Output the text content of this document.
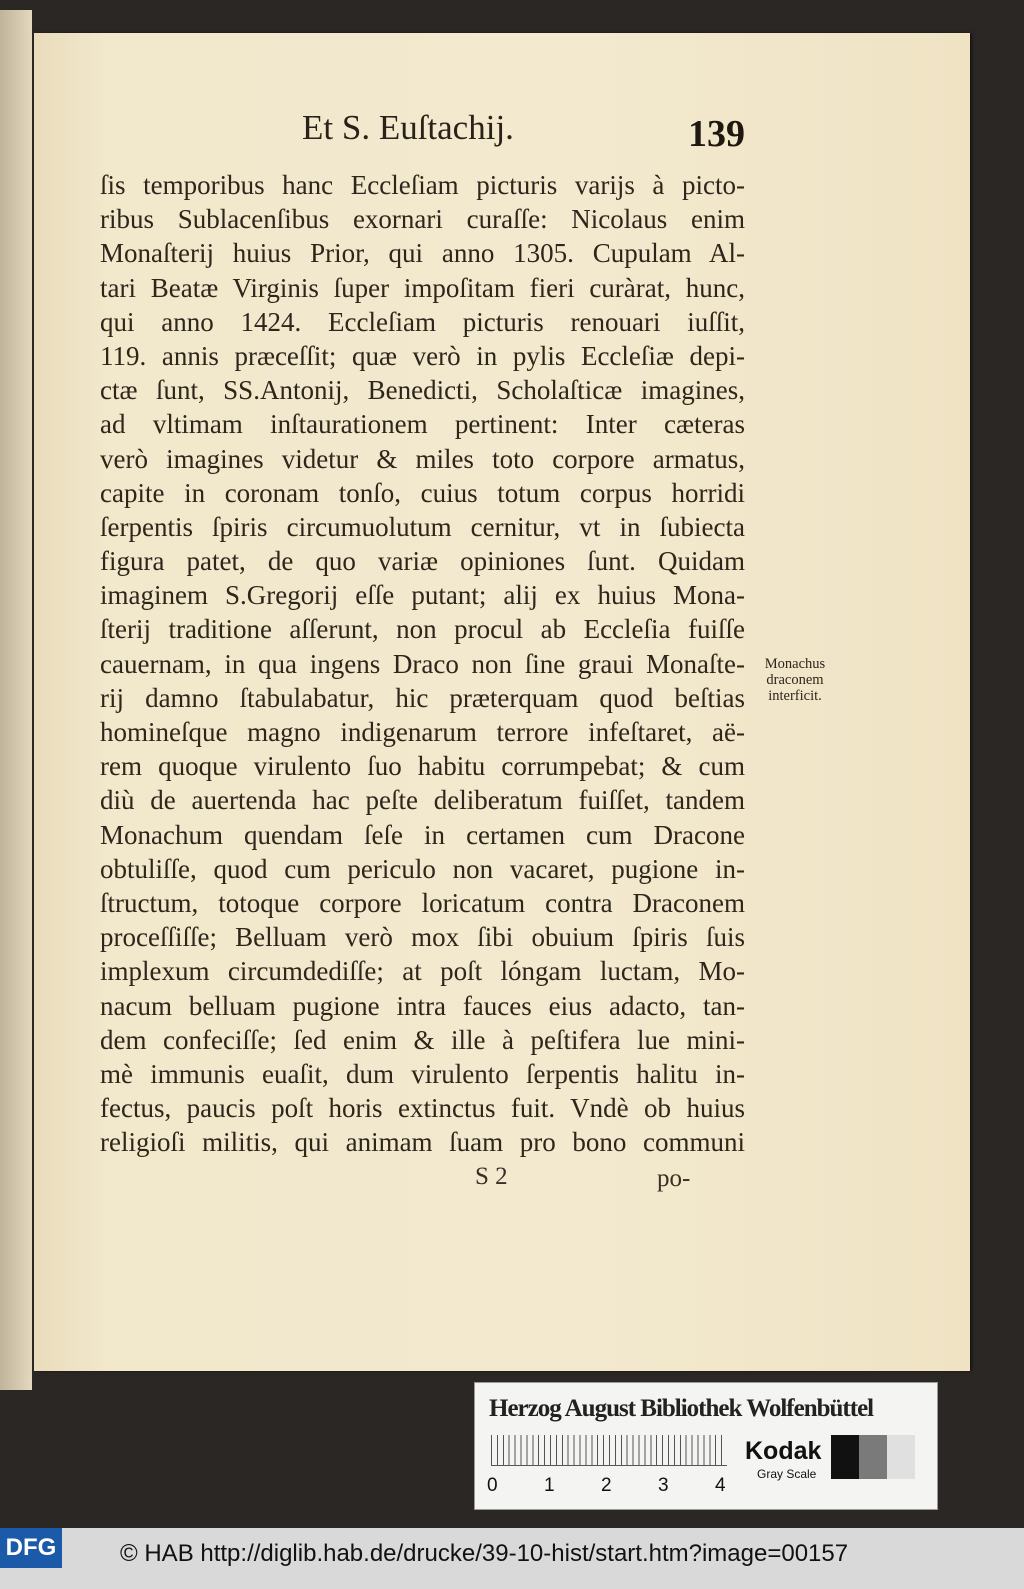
Et S. Euſtachij.	139
ſis temporibus hanc Eccleſiam picturis varijs à picto-
ribus Sublacenſibus exornari curaſſe: Nicolaus enim
Monaſterij huius Prior, qui anno 1305. Cupulam Al-
tari Beatæ Virginis ſuper impoſitam fieri curàrat, hunc,
qui anno 1424. Eccleſiam picturis renouari iuſſit,
119. annis præceſſit; quæ verò in pylis Eccleſiæ depi-
ctæ ſunt, SS.Antonij, Benedicti, Scholaſticæ imagines,
ad vltimam inſtaurationem pertinent: Inter cæteras
verò imagines videtur & miles toto corpore armatus,
capite in coronam tonſo, cuius totum corpus horridi
ſerpentis ſpiris circumuolutum cernitur, vt in ſubiecta
figura patet, de quo variæ opiniones ſunt. Quidam
imaginem S.Gregorij eſſe putant; alij ex huius Mona-
ſterij traditione aſſerunt, non procul ab Eccleſia fuiſſe
cauernam, in qua ingens Draco non ſine graui Monaſte-
rij damno ſtabulabatur, hic præterquam quod beſtias
homineſque magno indigenarum terrore infeſtaret, aë-
rem quoque virulento ſuo habitu corrumpebat; & cum
diù de auertenda hac peſte deliberatum fuiſſet, tandem
Monachum quendam ſeſe in certamen cum Dracone
obtuliſſe, quod cum periculo non vacaret, pugione in-
ſtructum, totoque corpore loricatum contra Draconem
proceſſiſſe; Belluam verò mox ſibi obuium ſpiris ſuis
implexum circumdediſſe; at poſt lóngam luctam, Mo-
nacum belluam pugione intra fauces eius adacto, tan-
dem confeciſſe; ſed enim & ille à peſtifera lue mini-
mè immunis euaſit, dum virulento ſerpentis halitu in-
fectus, paucis poſt horis extinctus fuit. Vndè ob huius
religioſi militis, qui animam ſuam pro bono communi
Monachus
draconem
interficit.
S 2	po-
Herzog August Bibliothek Wolfenbüttel
0 1 2 3 4
Kodak
Gray Scale
DFG	© HAB http://diglib.hab.de/drucke/39-10-hist/start.htm?image=00157
